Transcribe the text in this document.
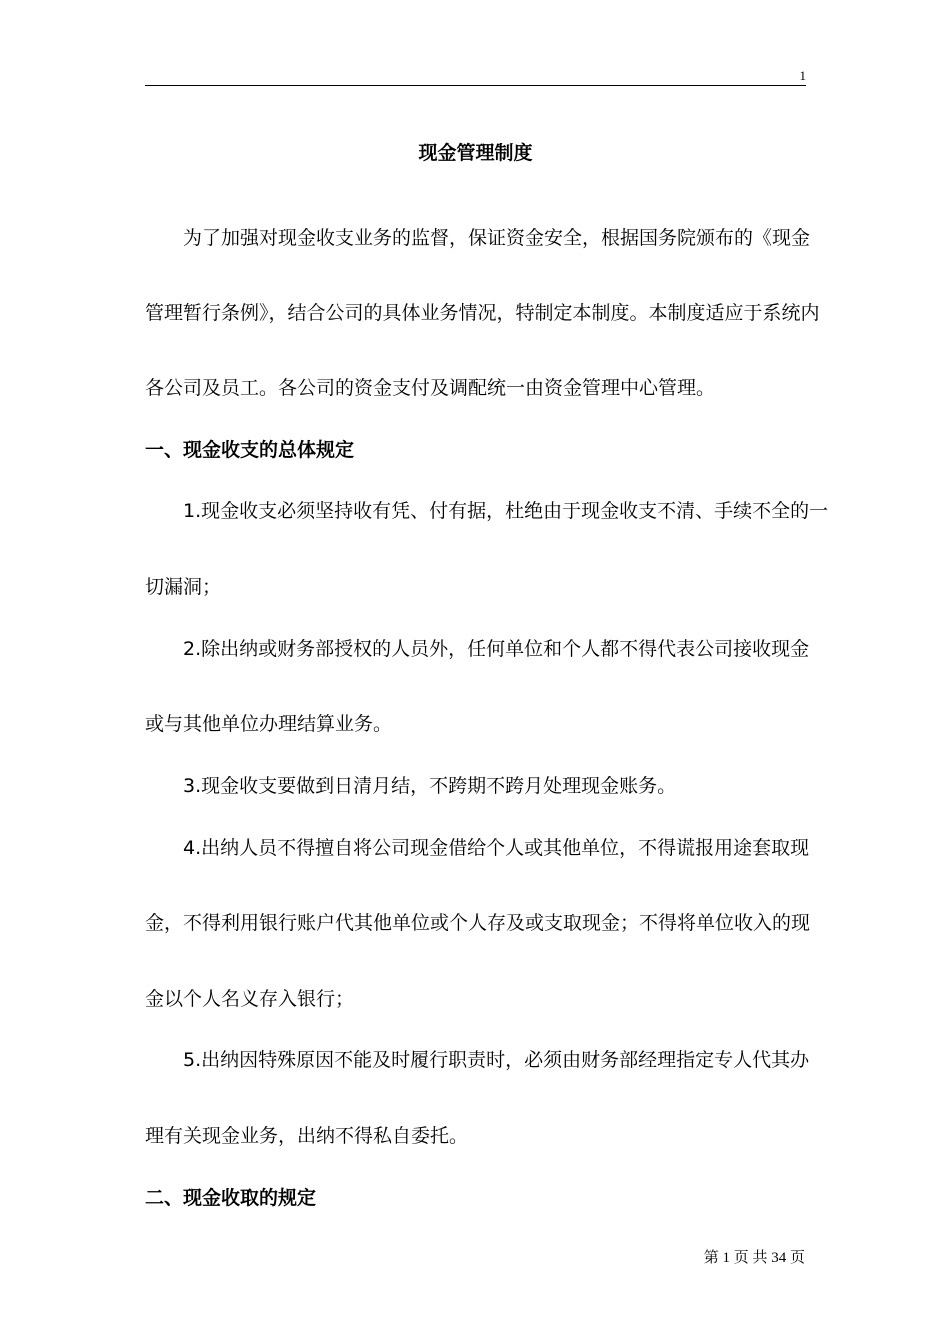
1
现金管理制度
为了加强对现金收支业务的监督，保证资金安全，根据国务院颁布的《现金
管理暂行条例》，结合公司的具体业务情况，特制定本制度。本制度适应于系统内
各公司及员工。各公司的资金支付及调配统一由资金管理中心管理。
一、现金收支的总体规定
1.现金收支必须坚持收有凭、付有据，杜绝由于现金收支不清、手续不全的一
切漏洞；
2.除出纳或财务部授权的人员外，任何单位和个人都不得代表公司接收现金
或与其他单位办理结算业务。
3.现金收支要做到日清月结，不跨期不跨月处理现金账务。
4.出纳人员不得擅自将公司现金借给个人或其他单位，不得谎报用途套取现
金，不得利用银行账户代其他单位或个人存及或支取现金；不得将单位收入的现
金以个人名义存入银行；
5.出纳因特殊原因不能及时履行职责时，必须由财务部经理指定专人代其办
理有关现金业务，出纳不得私自委托。
二、现金收取的规定
第 1 页 共 34 页
